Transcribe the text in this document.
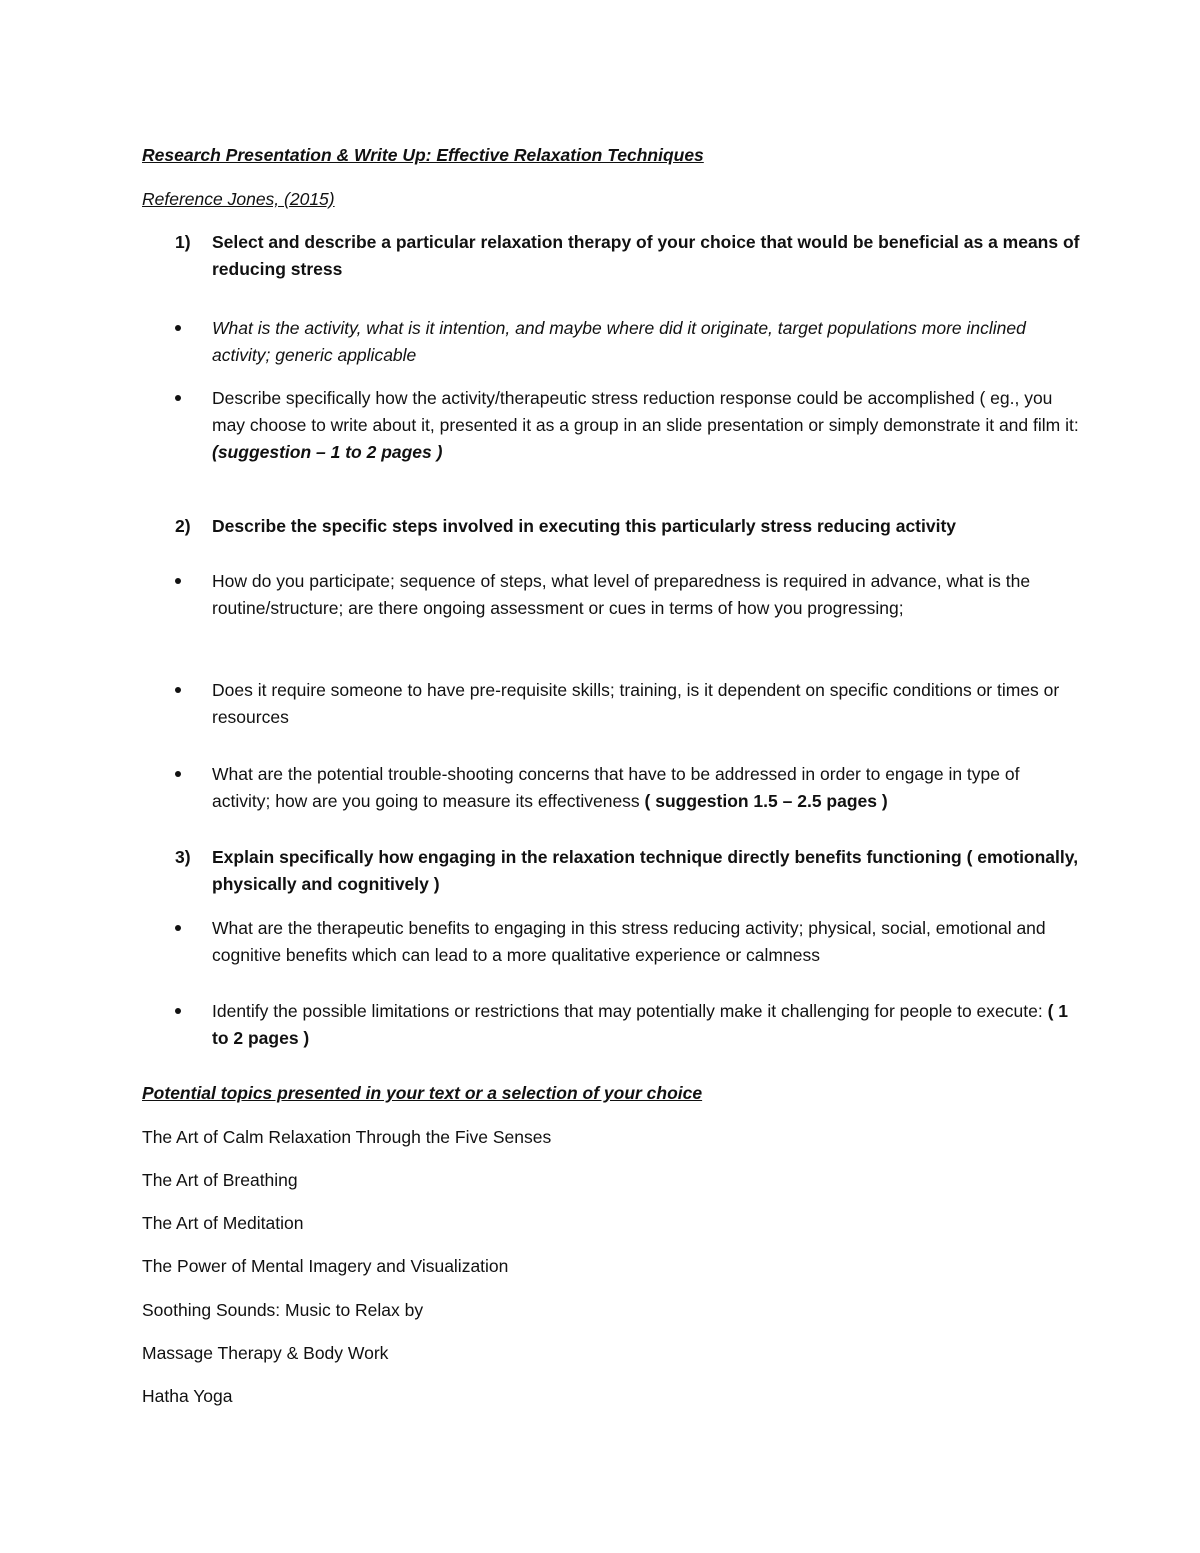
Research Presentation & Write Up: Effective Relaxation Techniques
Reference Jones, (2015)
1) Select and describe a particular relaxation therapy of your choice that would be beneficial as a means of reducing stress
What is the activity, what is it intention, and maybe where did it originate, target populations more inclined activity; generic applicable
Describe specifically how the activity/therapeutic stress reduction response could be accomplished ( eg., you may choose to write about it, presented it as a group in an slide presentation or simply demonstrate it and film it: (suggestion – 1 to 2 pages )
2) Describe the specific steps involved in executing this particularly stress reducing activity
How do you participate; sequence of steps, what level of preparedness is required in advance, what is the routine/structure; are there ongoing assessment or cues in terms of how you progressing;
Does it require someone to have pre-requisite skills; training, is it dependent on specific conditions or times or resources
What are the potential trouble-shooting concerns that have to be addressed in order to engage in type of activity; how are you going to measure its effectiveness ( suggestion 1.5 – 2.5 pages )
3) Explain specifically how engaging in the relaxation technique directly benefits functioning ( emotionally, physically and cognitively )
What are the therapeutic benefits to engaging in this stress reducing activity; physical, social, emotional and cognitive benefits which can lead to a more qualitative experience or calmness
Identify the possible limitations or restrictions that may potentially make it challenging for people to execute: ( 1 to 2 pages )
Potential topics presented in your text or a selection of your choice
The Art of Calm Relaxation Through the Five Senses
The Art of Breathing
The Art of Meditation
The Power of Mental Imagery and Visualization
Soothing Sounds: Music to Relax by
Massage Therapy & Body Work
Hatha Yoga
